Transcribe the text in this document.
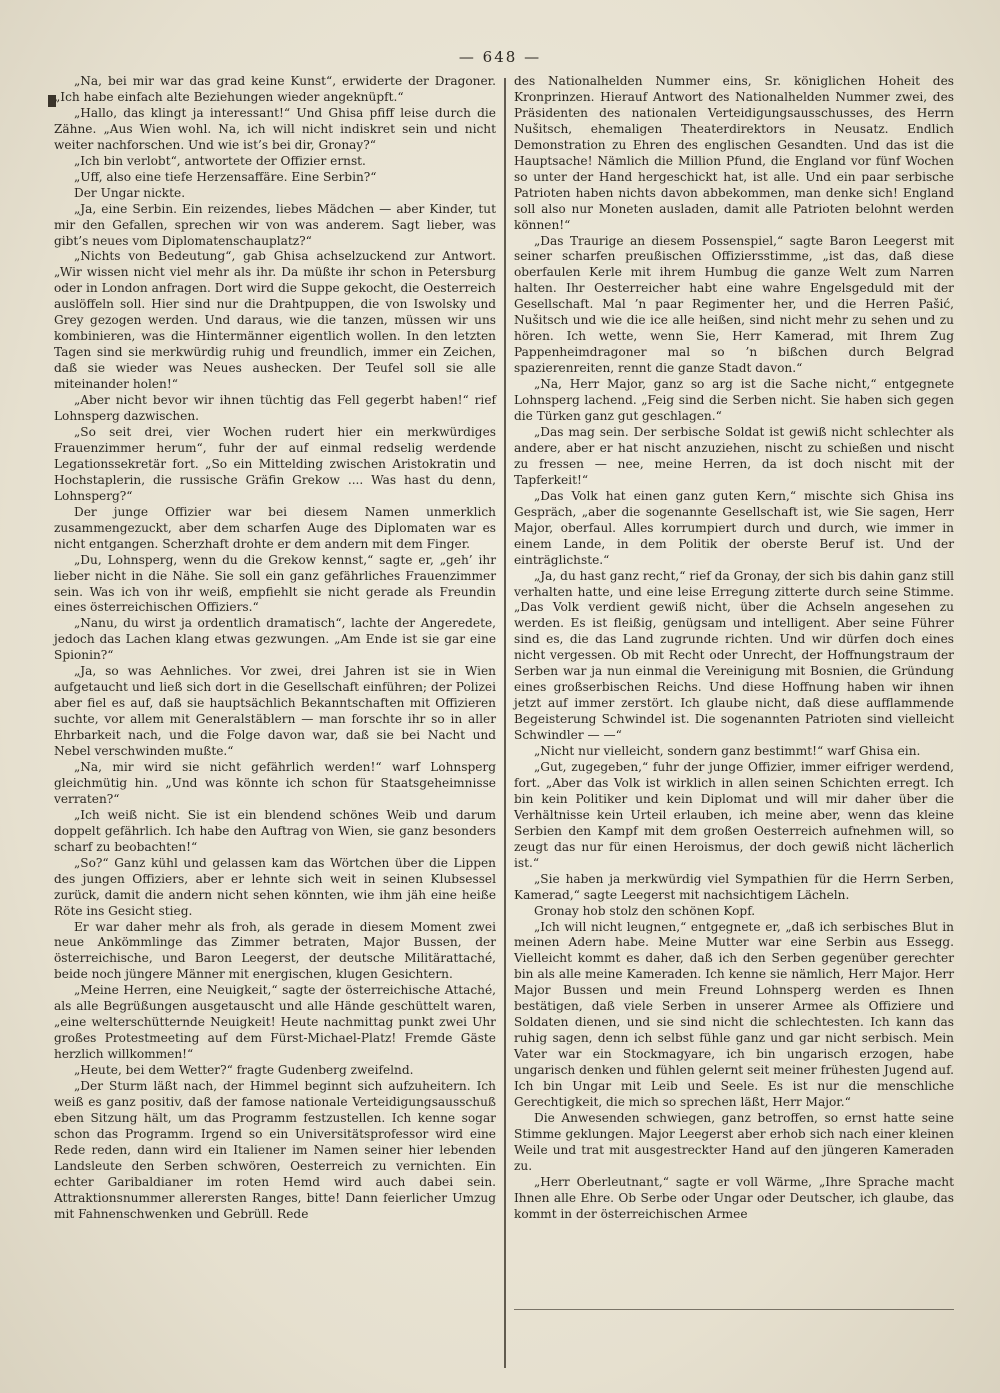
— 648 —

„Na, bei mir war das grad keine Kunst“, erwiderte der Dragoner. „Ich habe einfach alte Beziehungen wieder angeknüpft.“

„Hallo, das klingt ja interessant!“ Und Ghisa pfiff leise durch die Zähne. „Aus Wien wohl. Na, ich will nicht indiskret sein und nicht weiter nachforschen. Und wie ist’s bei dir, Gronay?“

„Ich bin verlobt“, antwortete der Offizier ernst.

„Uff, also eine tiefe Herzensaffäre. Eine Serbin?“

Der Ungar nickte.

„Ja, eine Serbin. Ein reizendes, liebes Mädchen — aber Kinder, tut mir den Gefallen, sprechen wir von was anderem. Sagt lieber, was gibt’s neues vom Diplomatenschauplatz?“

„Nichts von Bedeutung“, gab Ghisa achselzuckend zur Antwort. „Wir wissen nicht viel mehr als ihr. Da müßte ihr schon in Petersburg oder in London anfragen. Dort wird die Suppe gekocht, die Oesterreich auslöffeln soll. Hier sind nur die Drahtpuppen, die von Iswolsky und Grey gezogen werden. Und daraus, wie die tanzen, müssen wir uns kombinieren, was die Hintermänner eigentlich wollen. In den letzten Tagen sind sie merkwürdig ruhig und freundlich, immer ein Zeichen, daß sie wieder was Neues aushecken. Der Teufel soll sie alle miteinander holen!“

„Aber nicht bevor wir ihnen tüchtig das Fell gegerbt haben!“ rief Lohnsperg dazwischen.

„So seit drei, vier Wochen rudert hier ein merkwürdiges Frauenzimmer herum“, fuhr der auf einmal redselig werdende Legationssekretär fort. „So ein Mittelding zwischen Aristokratin und Hochstaplerin, die russische Gräfin Grekow .... Was hast du denn, Lohnsperg?“

Der junge Offizier war bei diesem Namen unmerklich zusammengezuckt, aber dem scharfen Auge des Diplomaten war es nicht entgangen. Scherzhaft drohte er dem andern mit dem Finger.

„Du, Lohnsperg, wenn du die Grekow kennst,“ sagte er, „geh’ ihr lieber nicht in die Nähe. Sie soll ein ganz gefährliches Frauenzimmer sein. Was ich von ihr weiß, empfiehlt sie nicht gerade als Freundin eines österreichischen Offiziers.“

„Nanu, du wirst ja ordentlich dramatisch“, lachte der Angeredete, jedoch das Lachen klang etwas gezwungen. „Am Ende ist sie gar eine Spionin?“

„Ja, so was Aehnliches. Vor zwei, drei Jahren ist sie in Wien aufgetaucht und ließ sich dort in die Gesellschaft einführen; der Polizei aber fiel es auf, daß sie hauptsächlich Bekanntschaften mit Offizieren suchte, vor allem mit Generalstäblern — man forschte ihr so in aller Ehrbarkeit nach, und die Folge davon war, daß sie bei Nacht und Nebel verschwinden mußte.“

„Na, mir wird sie nicht gefährlich werden!“ warf Lohnsperg gleichmütig hin. „Und was könnte ich schon für Staatsgeheimnisse verraten?“

„Ich weiß nicht. Sie ist ein blendend schönes Weib und darum doppelt gefährlich. Ich habe den Auftrag von Wien, sie ganz besonders scharf zu beobachten!“

„So?“ Ganz kühl und gelassen kam das Wörtchen über die Lippen des jungen Offiziers, aber er lehnte sich weit in seinen Klubsessel zurück, damit die andern nicht sehen könnten, wie ihm jäh eine heiße Röte ins Gesicht stieg.

Er war daher mehr als froh, als gerade in diesem Moment zwei neue Ankömmlinge das Zimmer betraten, Major Bussen, der österreichische, und Baron Leegerst, der deutsche Militärattaché, beide noch jüngere Männer mit energischen, klugen Gesichtern.

„Meine Herren, eine Neuigkeit,“ sagte der österreichische Attaché, als alle Begrüßungen ausgetauscht und alle Hände geschüttelt waren, „eine welterschütternde Neuigkeit! Heute nachmittag punkt zwei Uhr großes Protestmeeting auf dem Fürst-Michael-Platz! Fremde Gäste herzlich willkommen!“

„Heute, bei dem Wetter?“ fragte Gudenberg zweifelnd.

„Der Sturm läßt nach, der Himmel beginnt sich aufzuheitern. Ich weiß es ganz positiv, daß der famose nationale Verteidigungsausschuß eben Sitzung hält, um das Programm festzustellen. Ich kenne sogar schon das Programm. Irgend so ein Universitätsprofessor wird eine Rede reden, dann wird ein Italiener im Namen seiner hier lebenden Landsleute den Serben schwören, Oesterreich zu vernichten. Ein echter Garibaldianer im roten Hemd wird auch dabei sein. Attraktionsnummer allerersten Ranges, bitte! Dann feierlicher Umzug mit Fahnenschwenken und Gebrüll. Rede

des Nationalhelden Nummer eins, Sr. königlichen Hoheit des Kronprinzen. Hierauf Antwort des Nationalhelden Nummer zwei, des Präsidenten des nationalen Verteidigungsausschusses, des Herrn Nušitsch, ehemaligen Theaterdirektors in Neusatz. Endlich Demonstration zu Ehren des englischen Gesandten. Und das ist die Hauptsache! Nämlich die Million Pfund, die England vor fünf Wochen so unter der Hand hergeschickt hat, ist alle. Und ein paar serbische Patrioten haben nichts davon abbekommen, man denke sich! England soll also nur Moneten ausladen, damit alle Patrioten belohnt werden können!“

„Das Traurige an diesem Possenspiel,“ sagte Baron Leegerst mit seiner scharfen preußischen Offiziersstimme, „ist das, daß diese oberfaulen Kerle mit ihrem Humbug die ganze Welt zum Narren halten. Ihr Oesterreicher habt eine wahre Engelsgeduld mit der Gesellschaft. Mal ’n paar Regimenter her, und die Herren Pašić, Nušitsch und wie die ice alle heißen, sind nicht mehr zu sehen und zu hören. Ich wette, wenn Sie, Herr Kamerad, mit Ihrem Zug Pappenheimdragoner mal so ’n bißchen durch Belgrad spazierenreiten, rennt die ganze Stadt davon.“

„Na, Herr Major, ganz so arg ist die Sache nicht,“ entgegnete Lohnsperg lachend. „Feig sind die Serben nicht. Sie haben sich gegen die Türken ganz gut geschlagen.“

„Das mag sein. Der serbische Soldat ist gewiß nicht schlechter als andere, aber er hat nischt anzuziehen, nischt zu schießen und nischt zu fressen — nee, meine Herren, da ist doch nischt mit der Tapferkeit!“

„Das Volk hat einen ganz guten Kern,“ mischte sich Ghisa ins Gespräch, „aber die sogenannte Gesellschaft ist, wie Sie sagen, Herr Major, oberfaul. Alles korrumpiert durch und durch, wie immer in einem Lande, in dem Politik der oberste Beruf ist. Und der einträglichste.“

„Ja, du hast ganz recht,“ rief da Gronay, der sich bis dahin ganz still verhalten hatte, und eine leise Erregung zitterte durch seine Stimme. „Das Volk verdient gewiß nicht, über die Achseln angesehen zu werden. Es ist fleißig, genügsam und intelligent. Aber seine Führer sind es, die das Land zugrunde richten. Und wir dürfen doch eines nicht vergessen. Ob mit Recht oder Unrecht, der Hoffnungstraum der Serben war ja nun einmal die Vereinigung mit Bosnien, die Gründung eines großserbischen Reichs. Und diese Hoffnung haben wir ihnen jetzt auf immer zerstört. Ich glaube nicht, daß diese aufflammende Begeisterung Schwindel ist. Die sogenannten Patrioten sind vielleicht Schwindler — —“

„Nicht nur vielleicht, sondern ganz bestimmt!“ warf Ghisa ein.

„Gut, zugegeben,“ fuhr der junge Offizier, immer eifriger werdend, fort. „Aber das Volk ist wirklich in allen seinen Schichten erregt. Ich bin kein Politiker und kein Diplomat und will mir daher über die Verhältnisse kein Urteil erlauben, ich meine aber, wenn das kleine Serbien den Kampf mit dem großen Oesterreich aufnehmen will, so zeugt das nur für einen Heroismus, der doch gewiß nicht lächerlich ist.“

„Sie haben ja merkwürdig viel Sympathien für die Herrn Serben, Kamerad,“ sagte Leegerst mit nachsichtigem Lächeln.

Gronay hob stolz den schönen Kopf.

„Ich will nicht leugnen,“ entgegnete er, „daß ich serbisches Blut in meinen Adern habe. Meine Mutter war eine Serbin aus Essegg. Vielleicht kommt es daher, daß ich den Serben gegenüber gerechter bin als alle meine Kameraden. Ich kenne sie nämlich, Herr Major. Herr Major Bussen und mein Freund Lohnsperg werden es Ihnen bestätigen, daß viele Serben in unserer Armee als Offiziere und Soldaten dienen, und sie sind nicht die schlechtesten. Ich kann das ruhig sagen, denn ich selbst fühle ganz und gar nicht serbisch. Mein Vater war ein Stockmagyare, ich bin ungarisch erzogen, habe ungarisch denken und fühlen gelernt seit meiner frühesten Jugend auf. Ich bin Ungar mit Leib und Seele. Es ist nur die menschliche Gerechtigkeit, die mich so sprechen läßt, Herr Major.“

Die Anwesenden schwiegen, ganz betroffen, so ernst hatte seine Stimme geklungen. Major Leegerst aber erhob sich nach einer kleinen Weile und trat mit ausgestreckter Hand auf den jüngeren Kameraden zu.

„Herr Oberleutnant,“ sagte er voll Wärme, „Ihre Sprache macht Ihnen alle Ehre. Ob Serbe oder Ungar oder Deutscher, ich glaube, das kommt in der österreichischen Armee
